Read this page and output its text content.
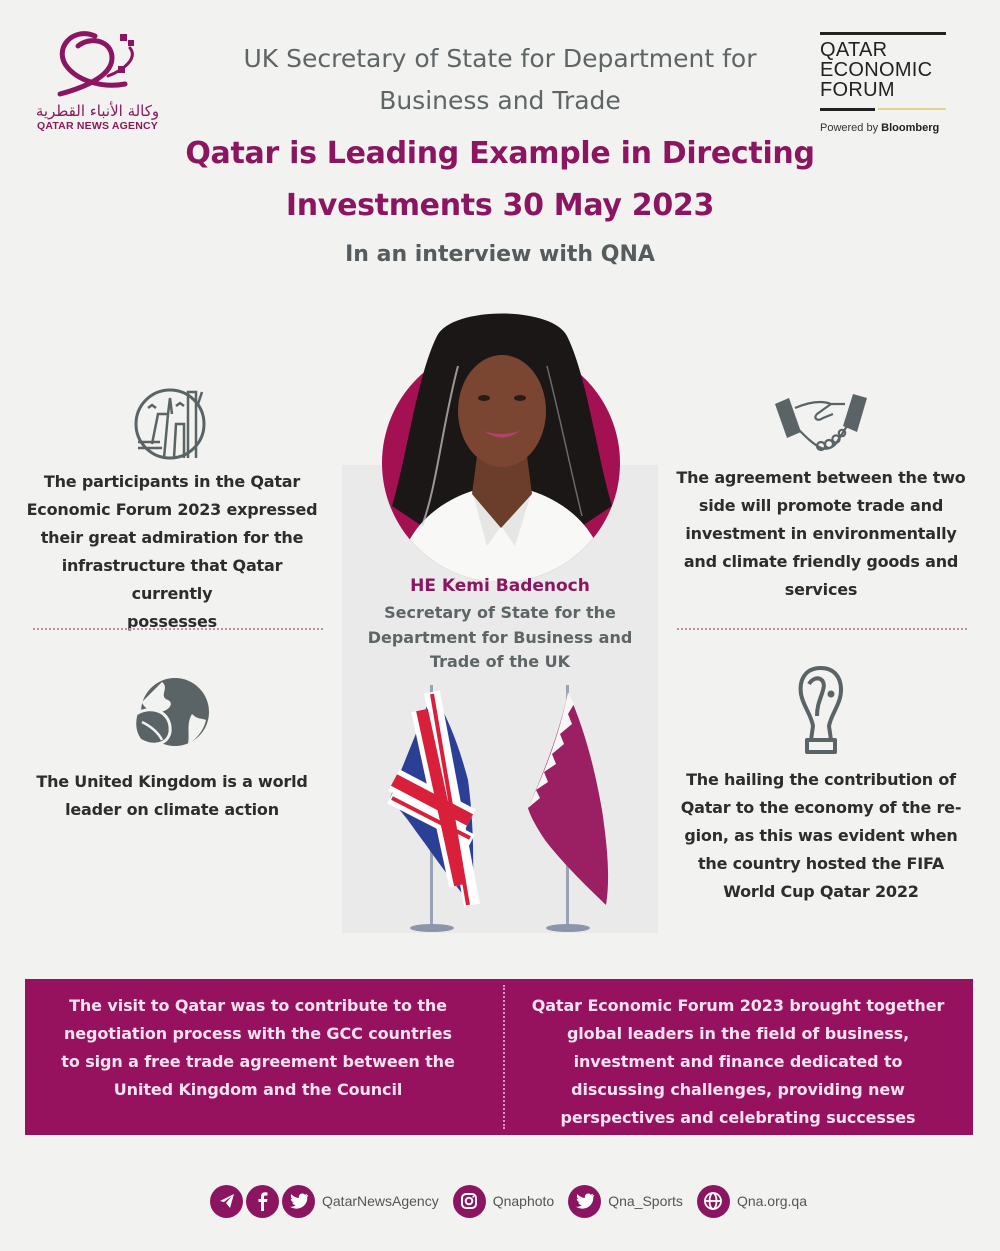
وكالة الأنباء القطرية
QATAR NEWS AGENCY
QATAR
ECONOMIC
FORUM
Powered by Bloomberg
UK Secretary of State for Department for
Business and Trade
Qatar is Leading Example in Directing
Investments 30 May 2023
In an interview with QNA
HE Kemi Badenoch
Secretary of State for the
Department for Business and
Trade of the UK

The participants in the Qatar
Economic Forum 2023 expressed
their great admiration for the
infrastructure that Qatar currently
possesses

The agreement between the two
side will promote trade and
investment in environmentally
and climate friendly goods and
services

The United Kingdom is a world
leader on climate action

The hailing the contribution of
Qatar to the economy of the re-
gion, as this was evident when
the country hosted the FIFA
World Cup Qatar 2022

The visit to Qatar was to contribute to the
negotiation process with the GCC countries
to sign a free trade agreement between the
United Kingdom and the Council
Qatar Economic Forum 2023 brought together
global leaders in the field of business,
investment and finance dedicated to
discussing challenges, providing new
perspectives and celebrating successes
QatarNewsAgency	Qnaphoto	Qna_Sports	Qna.org.qa
